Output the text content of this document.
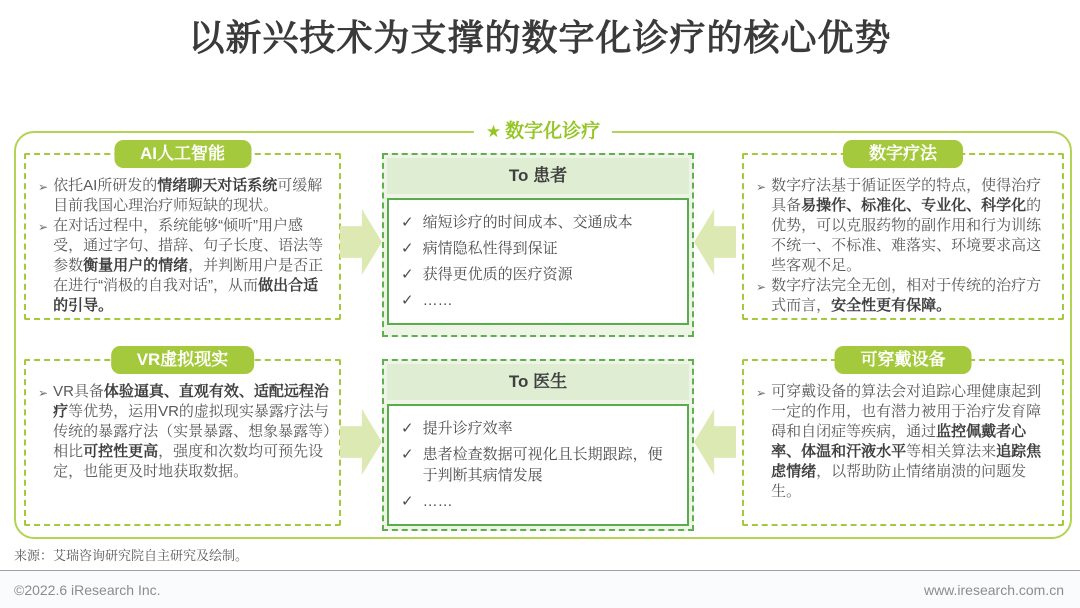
以新兴技术为支撑的数字化诊疗的核心优势
★ 数字化诊疗
AI人工智能
➢ 依托AI所研发的情绪聊天对话系统可缓解目前我国心理治疗师短缺的现状。
➢ 在对话过程中，系统能够“倾听”用户感受，通过字句、措辞、句子长度、语法等参数衡量用户的情绪，并判断用户是否正在进行“消极的自我对话”，从而做出合适的引导。
VR虚拟现实
➢ VR具备体验逼真、直观有效、适配远程治疗等优势，运用VR的虚拟现实暴露疗法与传统的暴露疗法（实景暴露、想象暴露等）相比可控性更高，强度和次数均可预先设定，也能更及时地获取数据。
数字疗法
➢ 数字疗法基于循证医学的特点，使得治疗具备易操作、标准化、专业化、科学化的优势，可以克服药物的副作用和行为训练不统一、不标准、难落实、环境要求高这些客观不足。
➢ 数字疗法完全无创，相对于传统的治疗方式而言，安全性更有保障。
可穿戴设备
➢ 可穿戴设备的算法会对追踪心理健康起到一定的作用，也有潜力被用于治疗发育障碍和自闭症等疾病，通过监控佩戴者心率、体温和汗液水平等相关算法来追踪焦虑情绪，以帮助防止情绪崩溃的问题发生。
To 患者
✓ 缩短诊疗的时间成本、交通成本
✓ 病情隐私性得到保证
✓ 获得更优质的医疗资源
✓ ……
To 医生
✓ 提升诊疗效率
✓ 患者检查数据可视化且长期跟踪，便于判断其病情发展
✓ ……
来源：艾瑞咨询研究院自主研究及绘制。
©2022.6 iResearch Inc.	www.iresearch.com.cn
